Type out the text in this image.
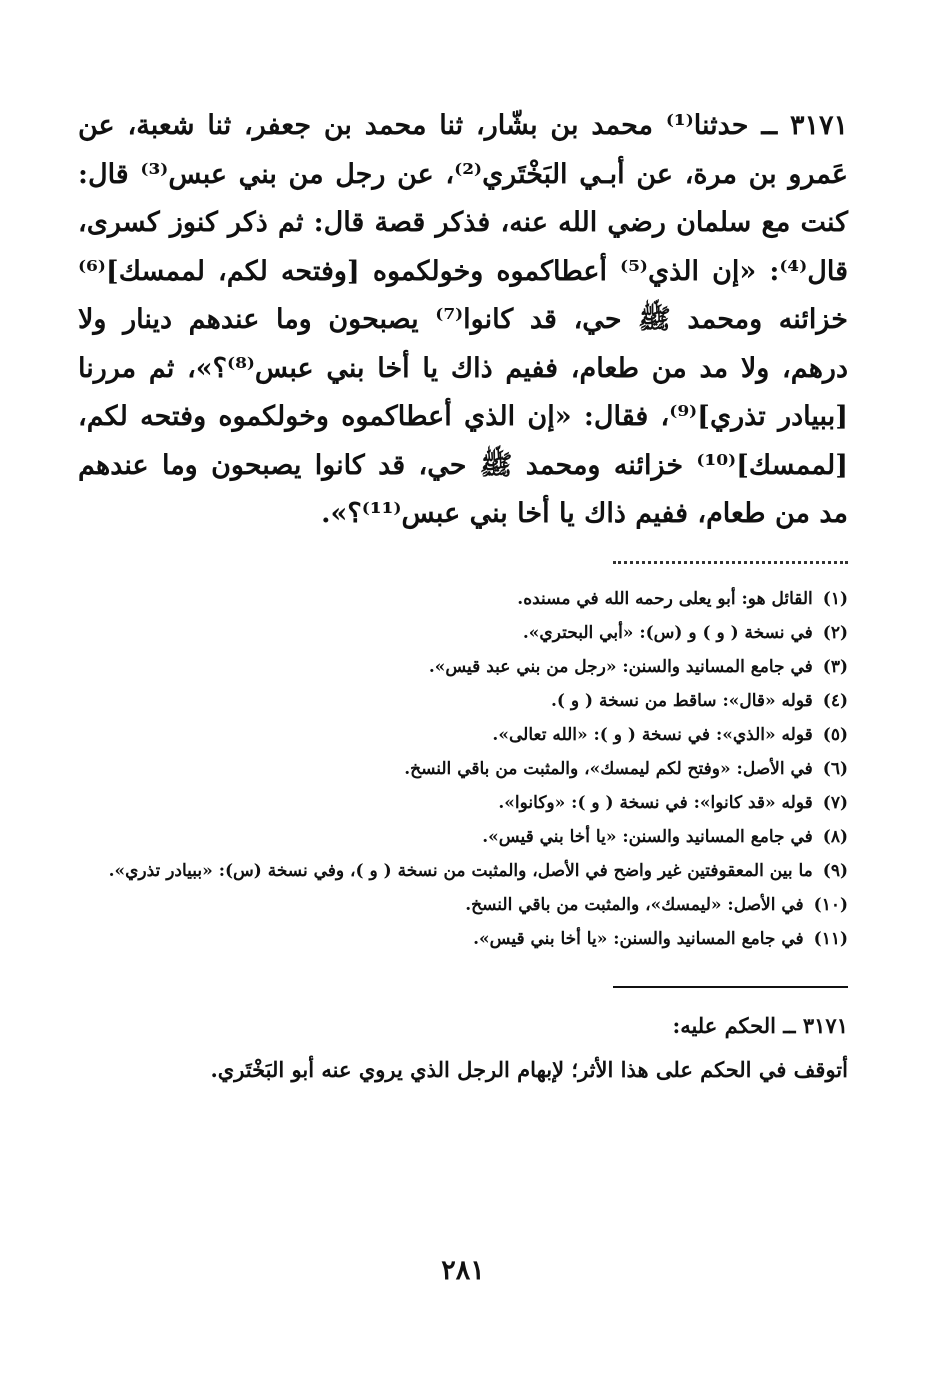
٣١٧١ ــ حدثنا⁽¹⁾ محمد بن بشّار، ثنا محمد بن جعفر، ثنا شعبة، عن عَمرو بن مرة، عن أبـي البَخْتَري⁽²⁾، عن رجل من بني عبس⁽³⁾ قال: كنت مع سلمان رضي الله عنه، فذكر قصة قال: ثم ذكر كنوز كسرى، قال⁽⁴⁾: «إن الذي⁽⁵⁾ أعطاكموه وخولكموه [وفتحه لكم، لممسك]⁽⁶⁾ خزائنه ومحمد ﷺ حي، قد كانوا⁽⁷⁾ يصبحون وما عندهم دينار ولا درهم، ولا مد من طعام، ففيم ذاك يا أخا بني عبس⁽⁸⁾؟»، ثم مررنا [ببيادر تذري]⁽⁹⁾، فقال: «إن الذي أعطاكموه وخولكموه وفتحه لكم، [لممسك]⁽¹⁰⁾ خزائنه ومحمد ﷺ حي، قد كانوا يصبحون وما عندهم مد من طعام، ففيم ذاك يا أخا بني عبس⁽¹¹⁾؟».

(١)
القائل هو: أبو يعلى رحمه الله في مسنده.
(٢)
في نسخة ( و ) و (س): «أبي البحتري».
(٣)
في جامع المسانيد والسنن: «رجل من بني عبد قيس».
(٤)
قوله «قال»: ساقط من نسخة ( و ).
(٥)
قوله «الذي»: في نسخة ( و ): «الله تعالى».
(٦)
في الأصل: «وفتح لكم ليمسك»، والمثبت من باقي النسخ.
(٧)
قوله «قد كانوا»: في نسخة ( و ): «وكانوا».
(٨)
في جامع المسانيد والسنن: «يا أخا بني قيس».
(٩)
ما بين المعقوفتين غير واضح في الأصل، والمثبت من نسخة ( و )، وفي نسخة (س): «ببيادر تذري».
(١٠)
في الأصل: «ليمسك»، والمثبت من باقي النسخ.
(١١)
في جامع المسانيد والسنن: «يا أخا بني قيس».
٣١٧١ ــ الحكم عليه:
أتوقف في الحكم على هذا الأثر؛ لإبهام الرجل الذي يروي عنه أبو البَخْتَري.
٢٨١
